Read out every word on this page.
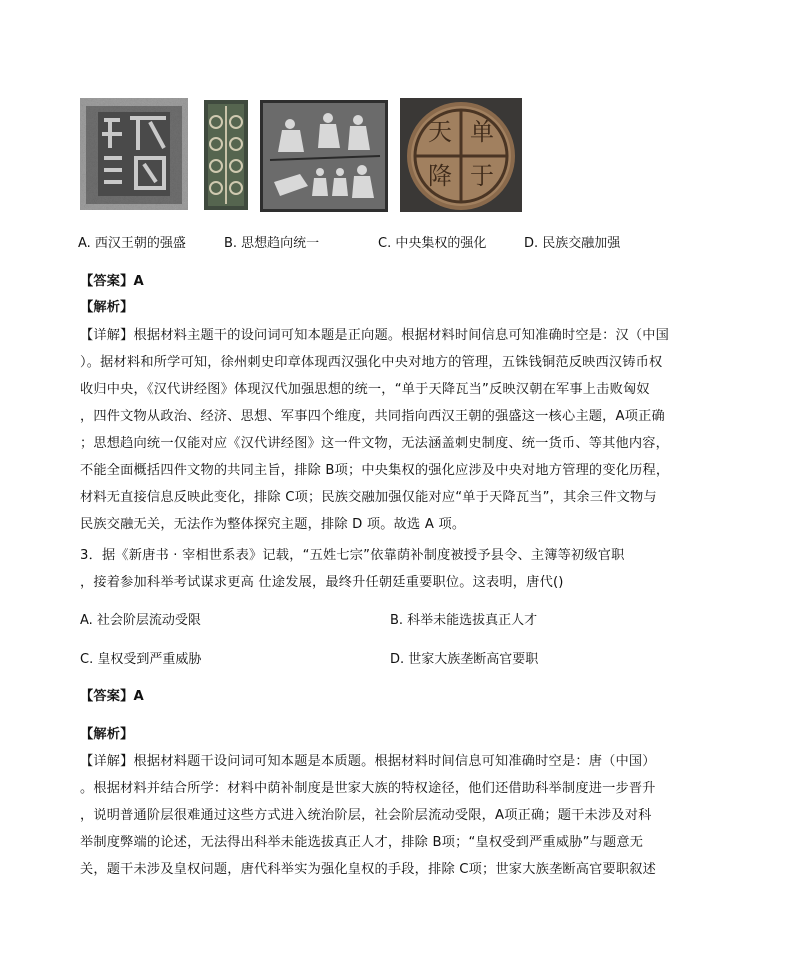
单
于
天
降
A. 西汉王朝的强盛	B. 思想趋向统一	C. 中央集权的强化	D. 民族交融加强
【答案】A
【解析】
【详解】根据材料主题干的设问词可知本题是正向题。根据材料时间信息可知准确时空是：汉（中国
）。据材料和所学可知，徐州刺史印章体现西汉强化中央对地方的管理，五铢钱铜范反映西汉铸币权
收归中央，《汉代讲经图》体现汉代加强思想的统一，“单于天降瓦当”反映汉朝在军事上击败匈奴
，四件文物从政治、经济、思想、军事四个维度，共同指向西汉王朝的强盛这一核心主题，A项正确
；思想趋向统一仅能对应《汉代讲经图》这一件文物，无法涵盖刺史制度、统一货币、等其他内容，
不能全面概括四件文物的共同主旨，排除 B项；中央集权的强化应涉及中央对地方管理的变化历程，
材料无直接信息反映此变化，排除 C项；民族交融加强仅能对应“单于天降瓦当”，其余三件文物与
民族交融无关，无法作为整体探究主题，排除 D 项。故选 A 项。
3．据《新唐书 · 宰相世系表》记载，“五姓七宗”依靠荫补制度被授予县令、主簿等初级官职
，接着参加科举考试谋求更高 仕途发展，最终升任朝廷重要职位。这表明，唐代()
A. 社会阶层流动受限	B. 科举未能选拔真正人才
C. 皇权受到严重威胁	D. 世家大族垄断高官要职
【答案】A
【解析】
【详解】根据材料题干设问词可知本题是本质题。根据材料时间信息可知准确时空是：唐（中国）
。根据材料并结合所学：材料中荫补制度是世家大族的特权途径，他们还借助科举制度进一步晋升
，说明普通阶层很难通过这些方式进入统治阶层，社会阶层流动受限，A项正确；题干未涉及对科
举制度弊端的论述，无法得出科举未能选拔真正人才，排除 B项；“皇权受到严重威胁”与题意无
关，题干未涉及皇权问题，唐代科举实为强化皇权的手段，排除 C项；世家大族垄断高官要职叙述
